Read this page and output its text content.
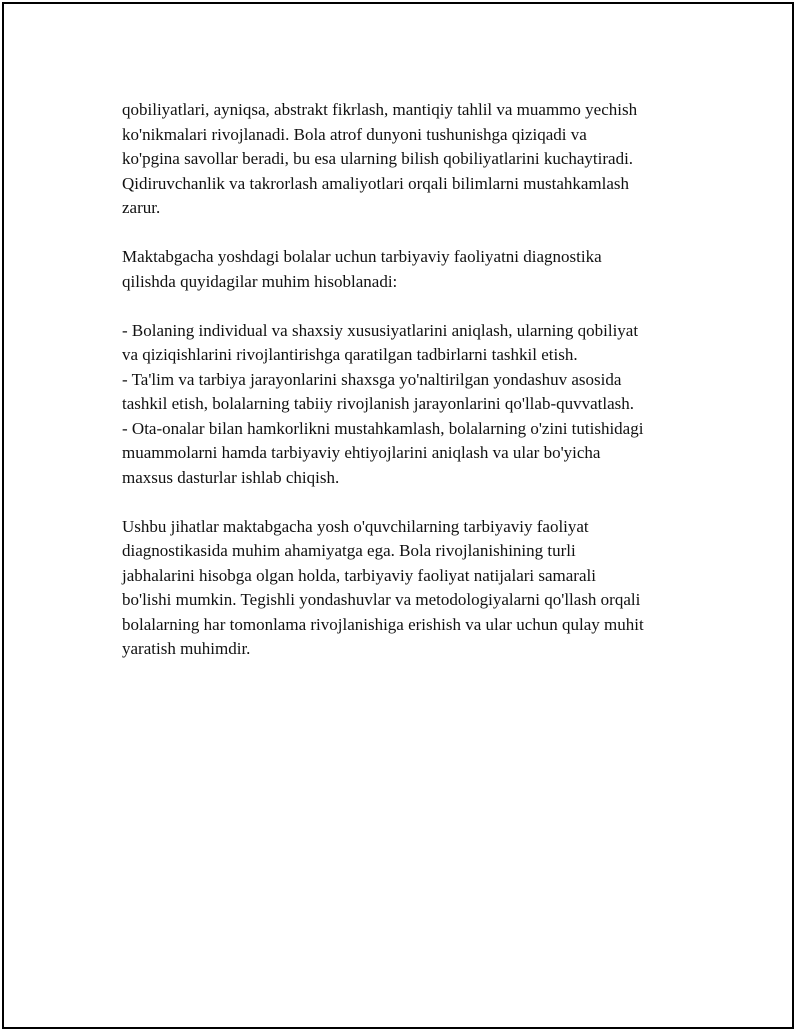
qobiliyatlari, ayniqsa, abstrakt fikrlash, mantiqiy tahlil va muammo yechish
ko'nikmalari rivojlanadi. Bola atrof dunyoni tushunishga qiziqadi va
ko'pgina savollar beradi, bu esa ularning bilish qobiliyatlarini kuchaytiradi.
Qidiruvchanlik va takrorlash amaliyotlari orqali bilimlarni mustahkamlash
zarur.

Maktabgacha yoshdagi bolalar uchun tarbiyaviy faoliyatni diagnostika
qilishda quyidagilar muhim hisoblanadi:

- Bolaning individual va shaxsiy xususiyatlarini aniqlash, ularning qobiliyat
va qiziqishlarini rivojlantirishga qaratilgan tadbirlarni tashkil etish.
- Ta'lim va tarbiya jarayonlarini shaxsga yo'naltirilgan yondashuv asosida
tashkil etish, bolalarning tabiiy rivojlanish jarayonlarini qo'llab-quvvatlash.
- Ota-onalar bilan hamkorlikni mustahkamlash, bolalarning o'zini tutishidagi
muammolarni hamda tarbiyaviy ehtiyojlarini aniqlash va ular bo'yicha
maxsus dasturlar ishlab chiqish.

Ushbu jihatlar maktabgacha yosh o'quvchilarning tarbiyaviy faoliyat
diagnostikasida muhim ahamiyatga ega. Bola rivojlanishining turli
jabhalarini hisobga olgan holda, tarbiyaviy faoliyat natijalari samarali
bo'lishi mumkin. Tegishli yondashuvlar va metodologiyalarni qo'llash orqali
bolalarning har tomonlama rivojlanishiga erishish va ular uchun qulay muhit
yaratish muhimdir.
